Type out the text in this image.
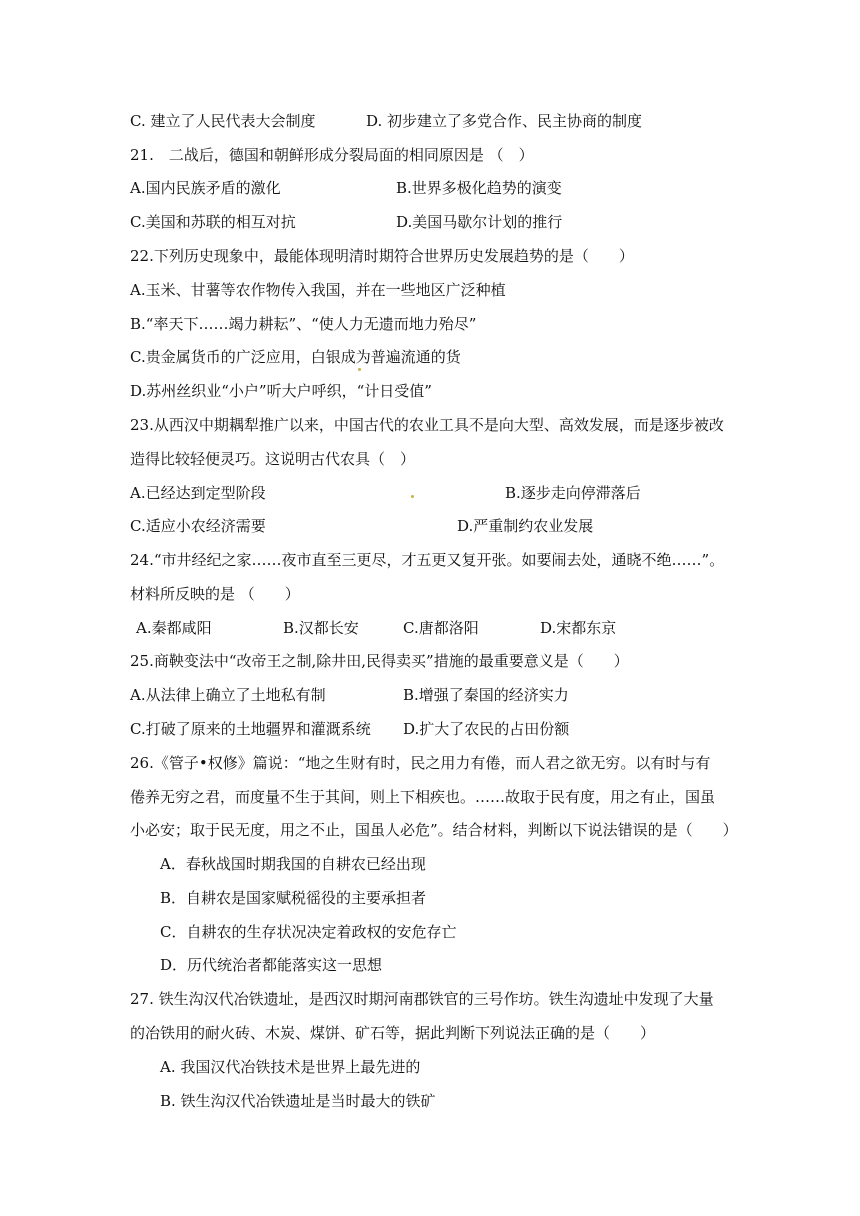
C. 建立了人民代表大会制度	D. 初步建立了多党合作、民主协商的制度
21.　二战后，德国和朝鲜形成分裂局面的相同原因是 （　）
A.国内民族矛盾的激化	B.世界多极化趋势的演变
C.美国和苏联的相互对抗	D.美国马歇尔计划的推行
22.下列历史现象中，最能体现明清时期符合世界历史发展趋势的是（　　）
A.玉米、甘薯等农作物传入我国，并在一些地区广泛种植
B.“率天下……竭力耕耘”、“使人力无遗而地力殆尽”
C.贵金属货币的广泛应用，白银成为普遍流通的货
D.苏州丝织业“小户”听大户呼织，“计日受值”
23.从西汉中期耦犁推广以来，中国古代的农业工具不是向大型、高效发展，而是逐步被改
造得比较轻便灵巧。这说明古代农具（　）
A.已经达到定型阶段	B.逐步走向停滞落后
C.适应小农经济需要	D.严重制约农业发展
24.“市井经纪之家……夜市直至三更尽，才五更又复开张。如要闹去处，通晓不绝……”。
材料所反映的是 （　　）
A.秦都咸阳	B.汉都长安	C.唐都洛阳	D.宋都东京
25.商鞅变法中“改帝王之制,除井田,民得卖买”措施的最重要意义是（　　）
A.从法律上确立了土地私有制	B.增强了秦国的经济实力
C.打破了原来的土地疆界和灌溉系统 D.扩大了农民的占田份额
26.《管子•权修》篇说：“地之生财有时，民之用力有倦，而人君之欲无穷。以有时与有
倦养无穷之君，而度量不生于其间，则上下相疾也。……故取于民有度，用之有止，国虽
小必安；取于民无度，用之不止，国虽人必危”。结合材料，判断以下说法错误的是（　　）
A．春秋战国时期我国的自耕农已经出现
B．自耕农是国家赋税徭役的主要承担者
C．自耕农的生存状况决定着政权的安危存亡
D．历代统治者都能落实这一思想
27. 铁生沟汉代冶铁遗址，是西汉时期河南郡铁官的三号作坊。铁生沟遗址中发现了大量
的冶铁用的耐火砖、木炭、煤饼、矿石等，据此判断下列说法正确的是（　　）
A. 我国汉代冶铁技术是世界上最先进的
B. 铁生沟汉代冶铁遗址是当时最大的铁矿
